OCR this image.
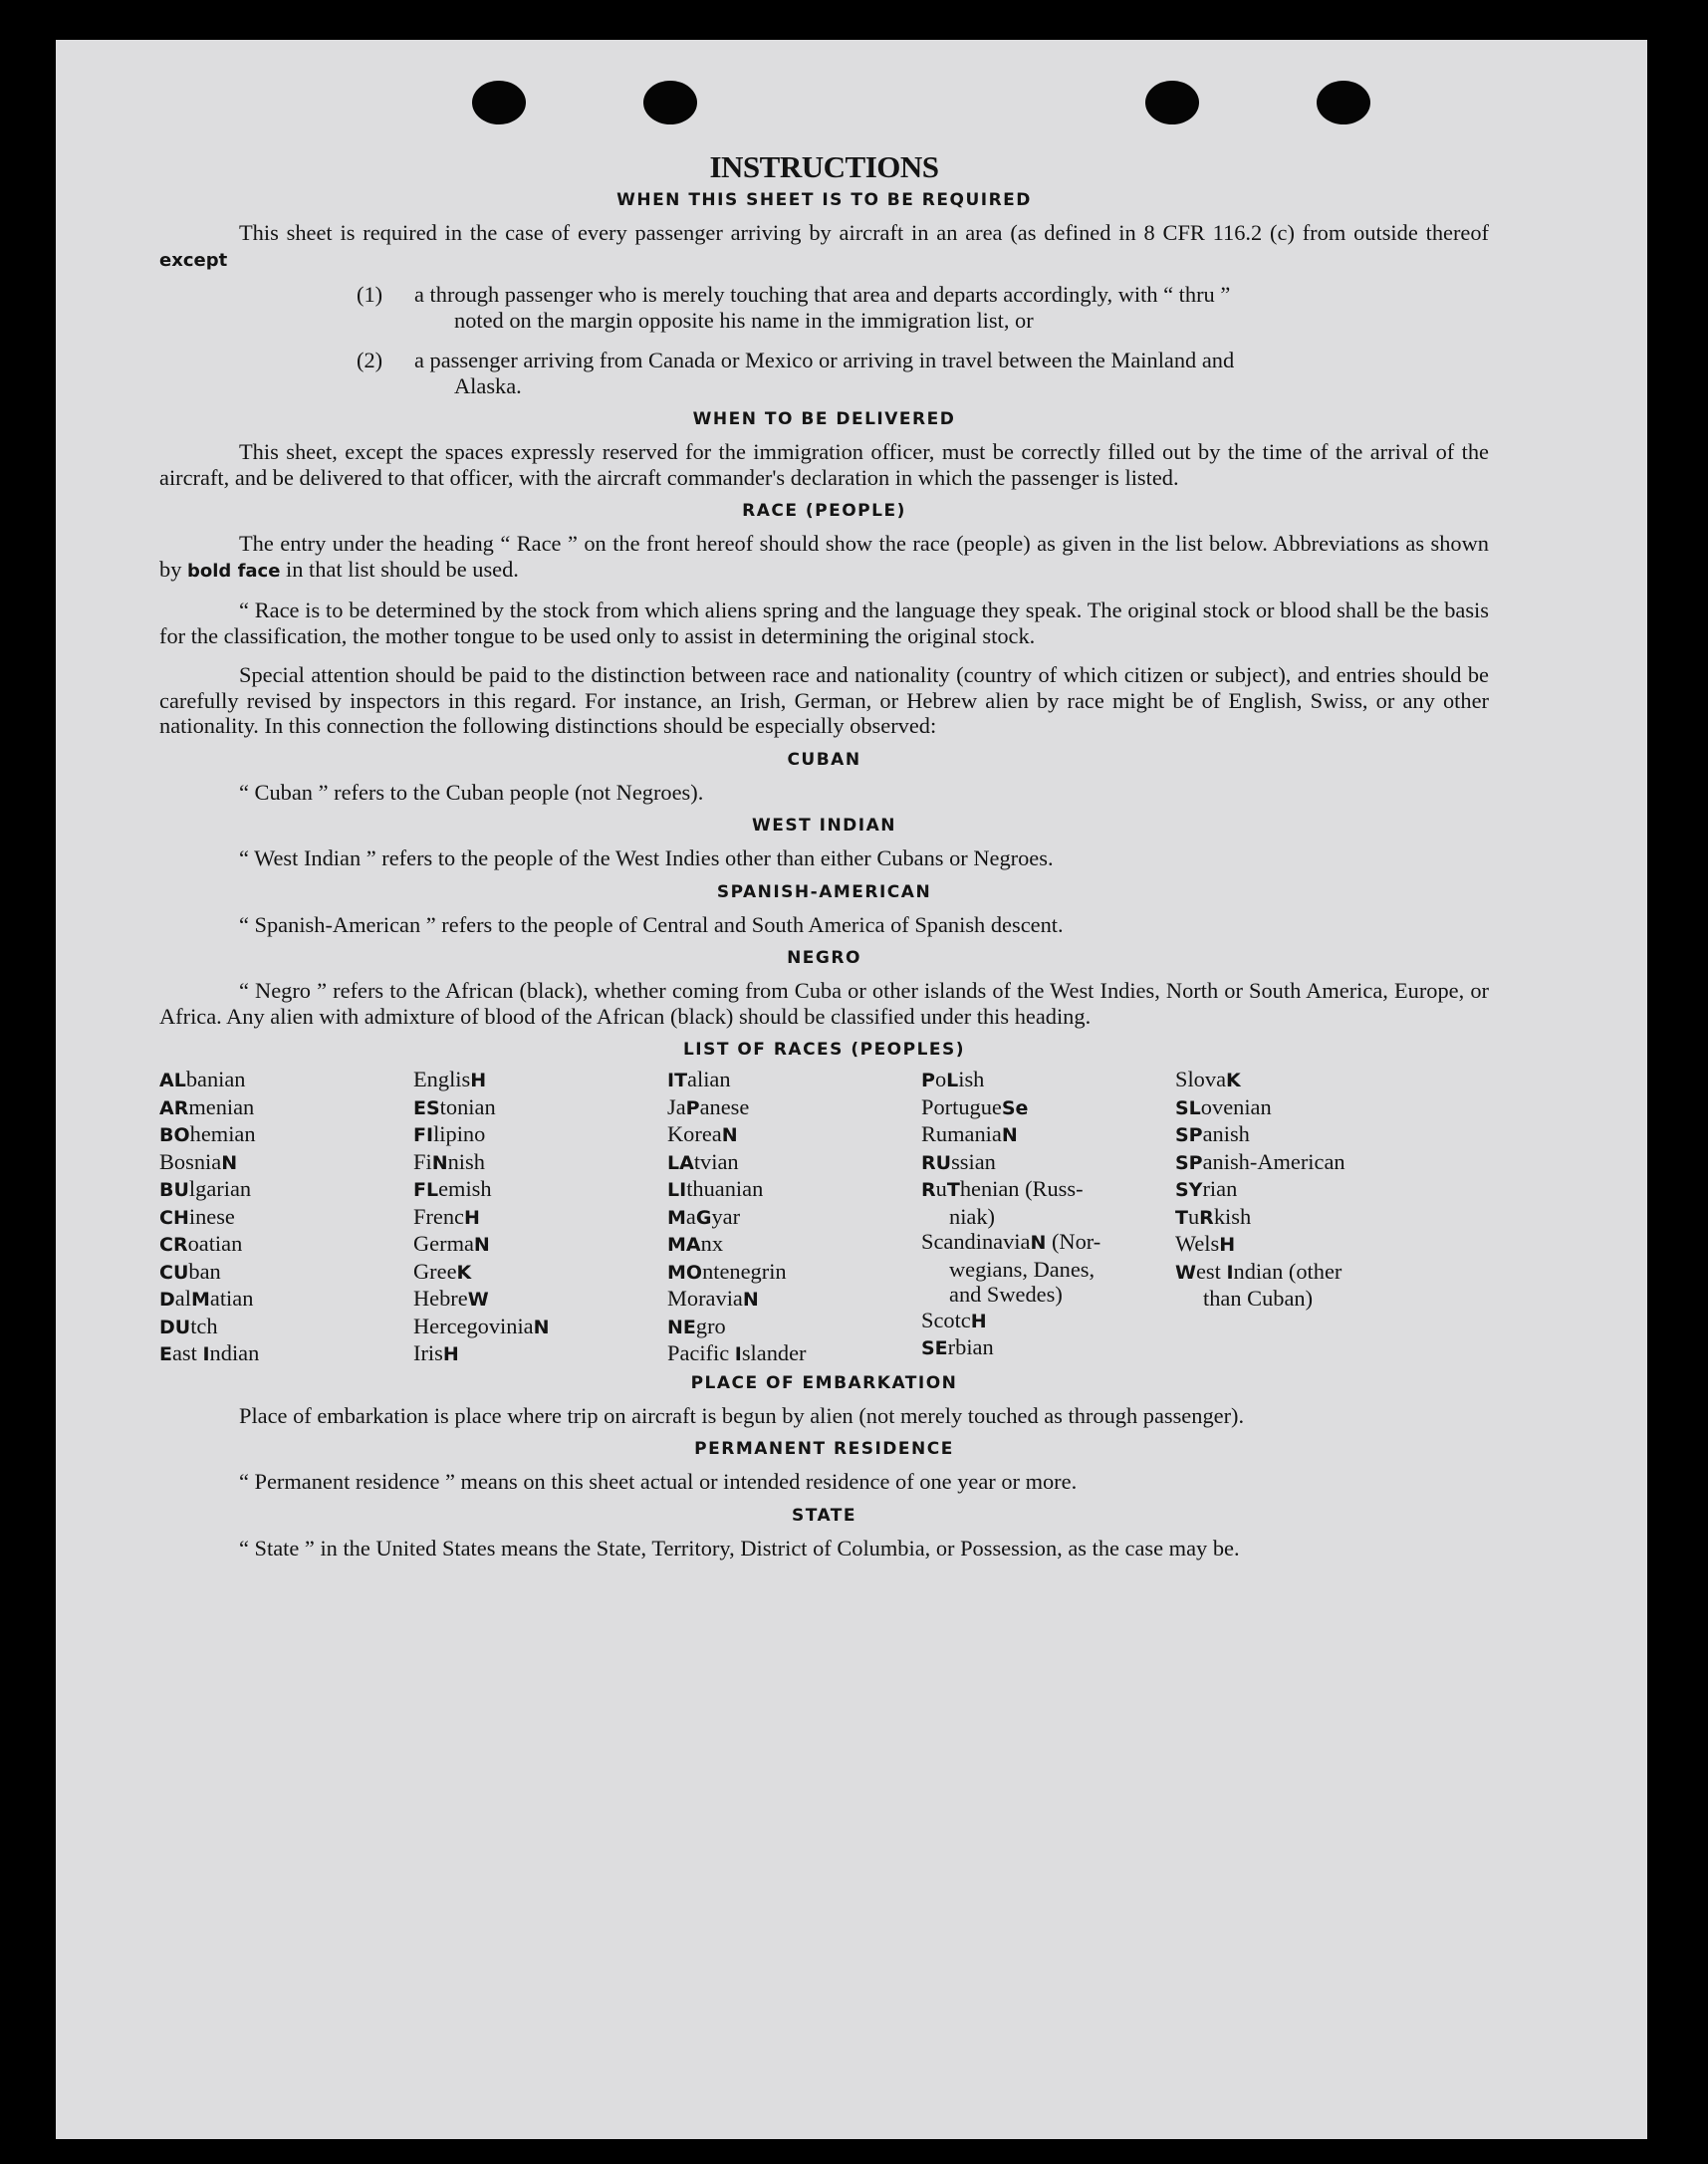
INSTRUCTIONS
WHEN THIS SHEET IS TO BE REQUIRED

This sheet is required in the case of every passenger arriving by aircraft in an area (as defined in 8 CFR 116.2 (c) from outside thereof except

(1)	a through passenger who is merely touching that area and departs accordingly, with “ thru ”
noted on the margin opposite his name in the immigration list, or
(2)	a passenger arriving from Canada or Mexico or arriving in travel between the Mainland and
Alaska.
WHEN TO BE DELIVERED

This sheet, except the spaces expressly reserved for the immigration officer, must be correctly filled out by the time of the arrival of the aircraft, and be delivered to that officer, with the aircraft commander's declaration in which the passenger is listed.

RACE (PEOPLE)

The entry under the heading “ Race ” on the front hereof should show the race (people) as given in the list below. Abbreviations as shown by bold face in that list should be used.

“ Race is to be determined by the stock from which aliens spring and the language they speak. The original stock or blood shall be the basis for the classification, the mother tongue to be used only to assist in determining the original stock.

Special attention should be paid to the distinction between race and nationality (country of which citizen or subject), and entries should be carefully revised by inspectors in this regard. For instance, an Irish, German, or Hebrew alien by race might be of English, Swiss, or any other nationality. In this connection the following distinctions should be especially observed:

CUBAN

“ Cuban ” refers to the Cuban people (not Negroes).

WEST INDIAN

“ West Indian ” refers to the people of the West Indies other than either Cubans or Negroes.

SPANISH-AMERICAN

“ Spanish-American ” refers to the people of Central and South America of Spanish descent.

NEGRO

“ Negro ” refers to the African (black), whether coming from Cuba or other islands of the West Indies, North or South America, Europe, or Africa. Any alien with admixture of blood of the African (black) should be classified under this heading.

LIST OF RACES (PEOPLES)
ALbanian
ARmenian
BOhemian
BosniaN
BUlgarian
CHinese
CRoatian
CUban
DalMatian
DUtch
East Indian
EnglisH
EStonian
FIlipino
FiNnish
FLemish
FrencH
GermaN
GreeK
HebreW
HercegoviniaN
IrisH
ITalian
JaPanese
KoreaN
LAtvian
LIthuanian
MaGyar
MAnx
MOntenegrin
MoraviaN
NEgro
Pacific Islander
PoLish
PortugueSe
RumaniaN
RUssian
RuThenian (Russ-
niak)
ScandinaviaN (Nor-
wegians, Danes,
and Swedes)
ScotcH
SErbian
SlovaK
SLovenian
SPanish
SPanish-American
SYrian
TuRkish
WelsH
West Indian (other
than Cuban)
PLACE OF EMBARKATION

Place of embarkation is place where trip on aircraft is begun by alien (not merely touched as through passenger).

PERMANENT RESIDENCE

“ Permanent residence ” means on this sheet actual or intended residence of one year or more.

STATE

“ State ” in the United States means the State, Territory, District of Columbia, or Possession, as the case may be.
